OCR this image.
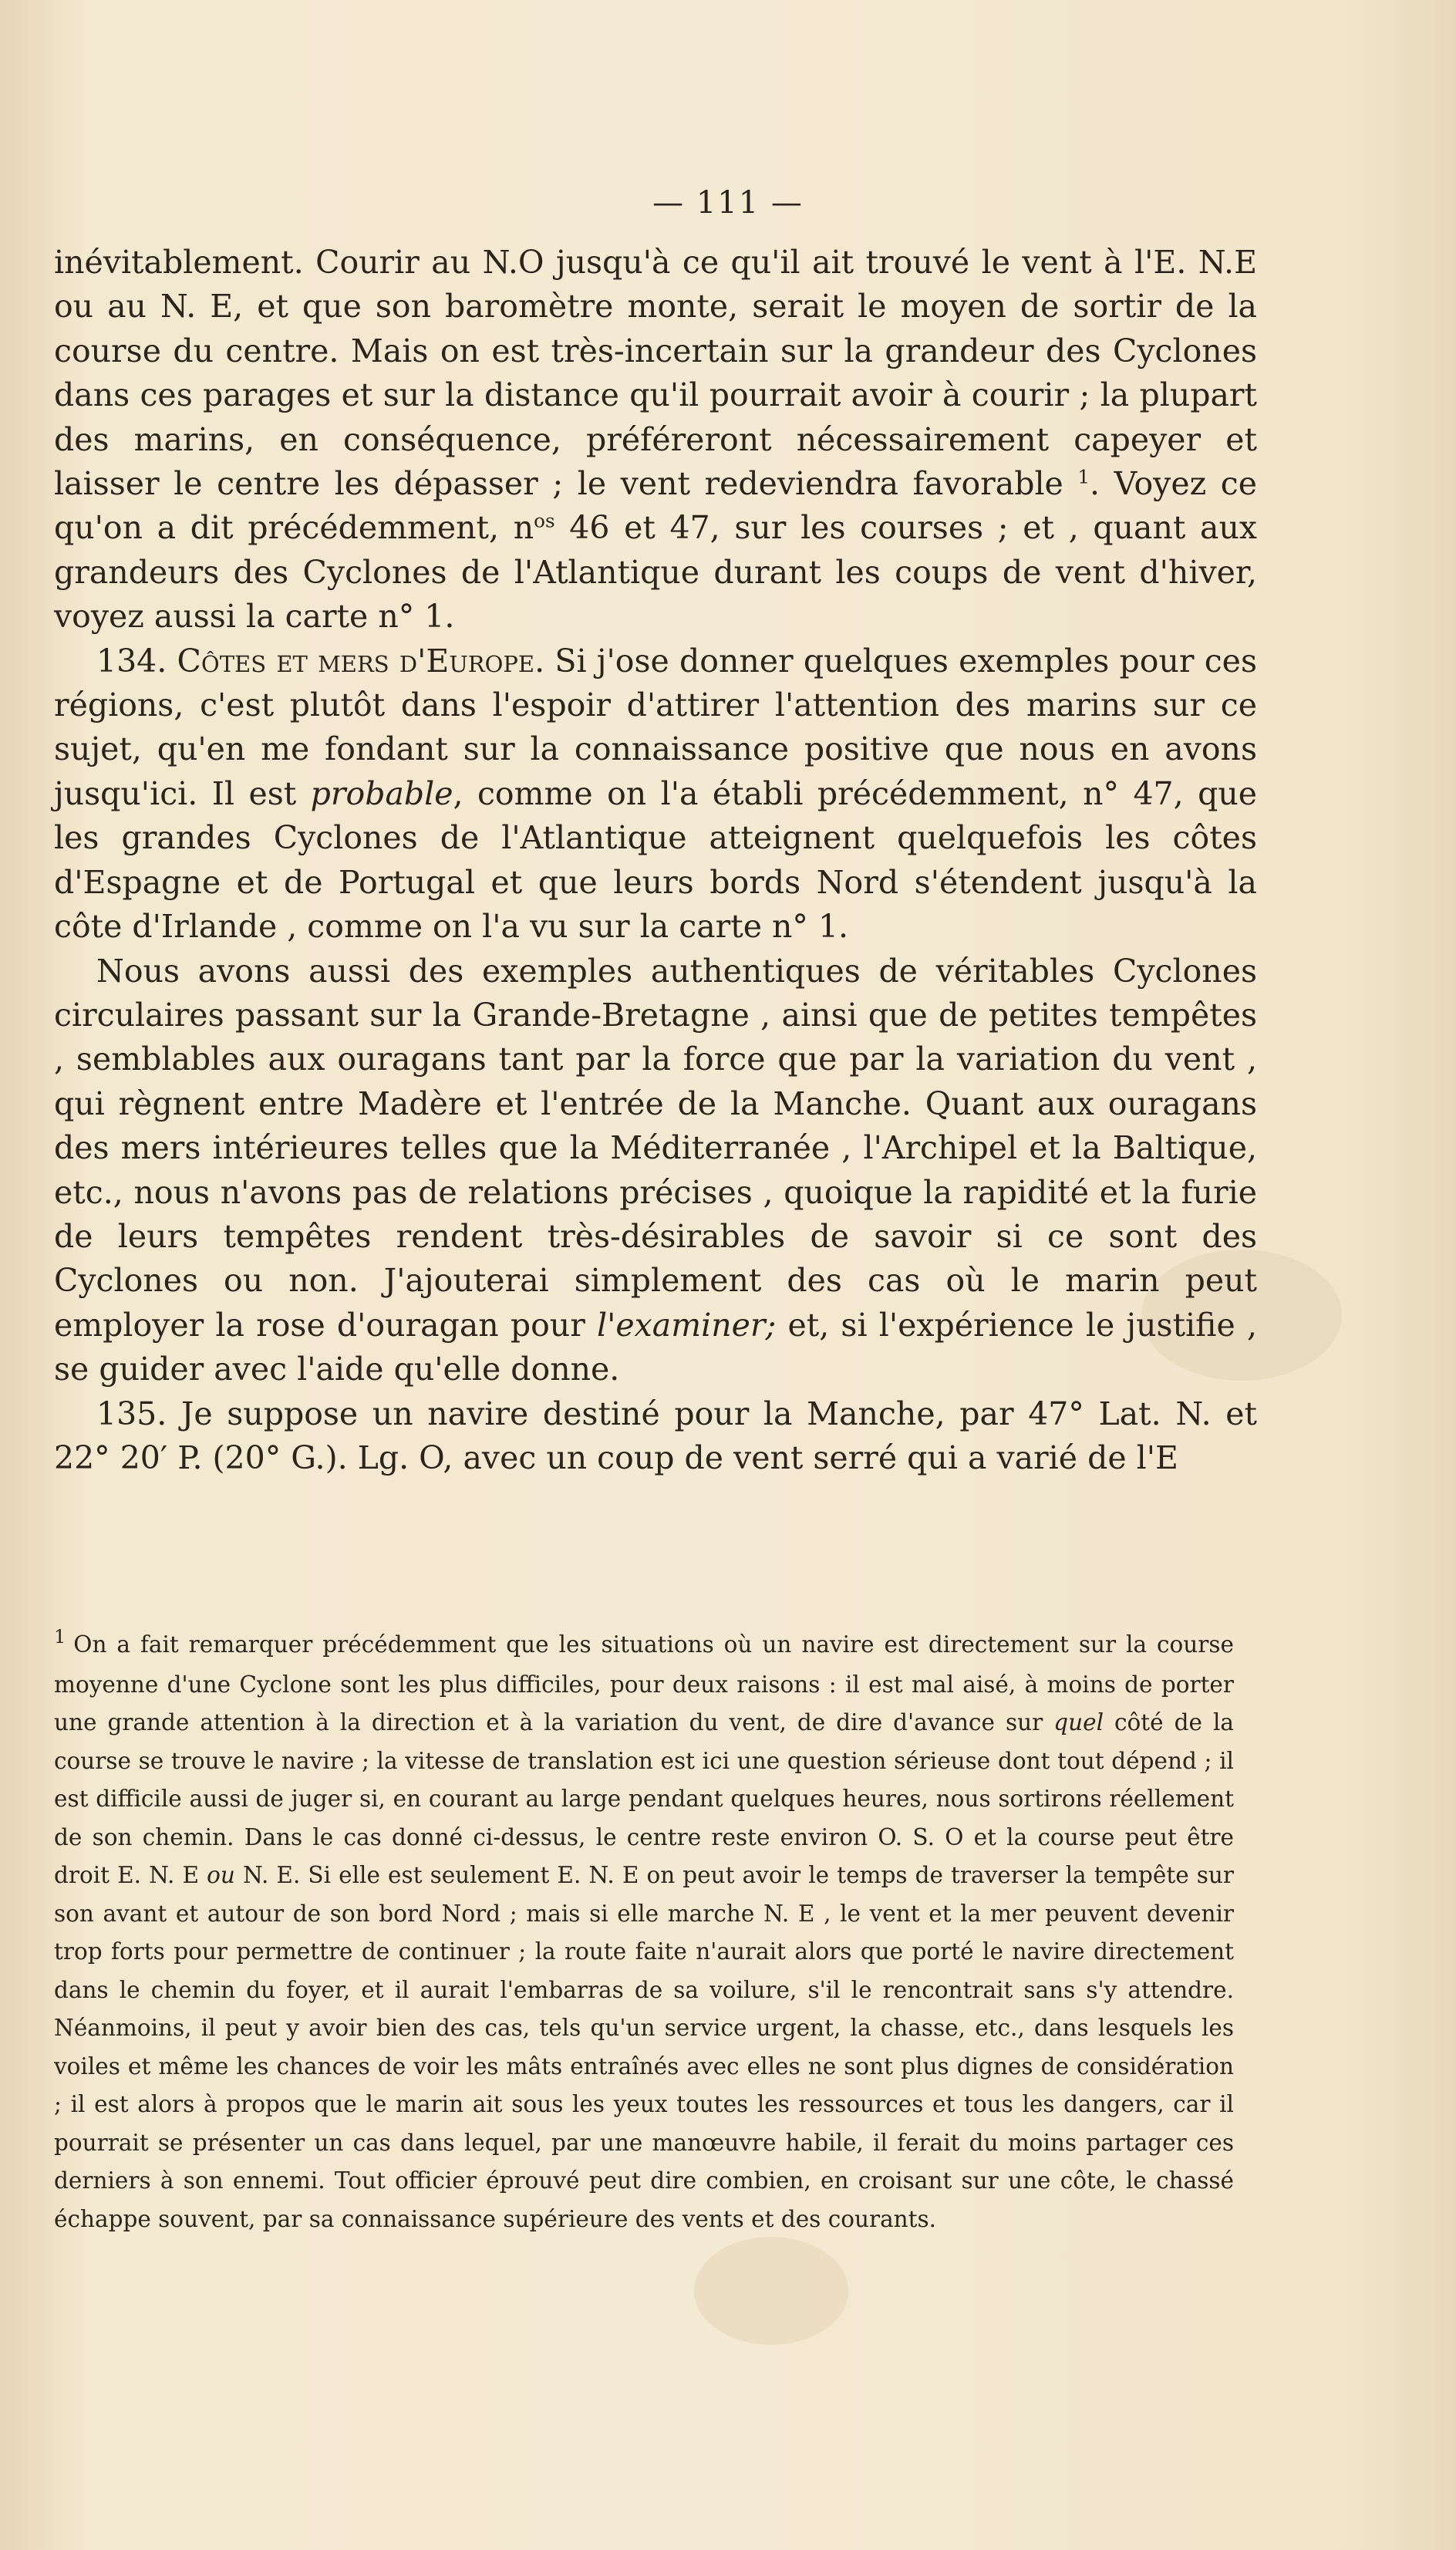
— 111 —

inévitablement. Courir au N.O jusqu'à ce qu'il ait trouvé le vent à l'E. N.E ou au N. E, et que son baromètre monte, serait le moyen de sortir de la course du centre. Mais on est très-incertain sur la grandeur des Cyclones dans ces parages et sur la distance qu'il pourrait avoir à courir ; la plupart des marins, en conséquence, préféreront nécessairement capeyer et laisser le centre les dépasser ; le vent redeviendra favorable $^1$. Voyez ce qu'on a dit précédemment, $n^{os}$ 46 et 47, sur les courses ; et , quant aux grandeurs des Cyclones de l'Atlantique durant les coups de vent d'hiver, voyez aussi la carte n° 1.

134. Côtes et mers d'Europe. Si j'ose donner quelques exemples pour ces régions, c'est plutôt dans l'espoir d'attirer l'attention des marins sur ce sujet, qu'en me fondant sur la connaissance positive que nous en avons jusqu'ici. Il est probable, comme on l'a établi précédemment, n° 47, que les grandes Cyclones de l'Atlantique atteignent quelquefois les côtes d'Espagne et de Portugal et que leurs bords Nord s'étendent jusqu'à la côte d'Irlande , comme on l'a vu sur la carte n° 1.

Nous avons aussi des exemples authentiques de véritables Cyclones circulaires passant sur la Grande-Bretagne , ainsi que de petites tempêtes , semblables aux ouragans tant par la force que par la variation du vent , qui règnent entre Madère et l'entrée de la Manche. Quant aux ouragans des mers intérieures telles que la Méditerranée , l'Archipel et la Baltique, etc., nous n'avons pas de relations précises , quoique la rapidité et la furie de leurs tempêtes rendent très-désirables de savoir si ce sont des Cyclones ou non. J'ajouterai simplement des cas où le marin peut employer la rose d'ouragan pour l'examiner; et, si l'expérience le justifie , se guider avec l'aide qu'elle donne.

135. Je suppose un navire destiné pour la Manche, par 47° Lat. N. et 22° 20′ P. (20° G.). Lg. O, avec un coup de vent serré qui a varié de l'E

$^1$ On a fait remarquer précédemment que les situations où un navire est directement sur la course moyenne d'une Cyclone sont les plus difficiles, pour deux raisons : il est mal aisé, à moins de porter une grande attention à la direction et à la variation du vent, de dire d'avance sur quel côté de la course se trouve le navire ; la vitesse de translation est ici une question sérieuse dont tout dépend ; il est difficile aussi de juger si, en courant au large pendant quelques heures, nous sortirons réellement de son chemin. Dans le cas donné ci-dessus, le centre reste environ O. S. O et la course peut être droit E. N. E ou N. E. Si elle est seulement E. N. E on peut avoir le temps de traverser la tempête sur son avant et autour de son bord Nord ; mais si elle marche N. E , le vent et la mer peuvent devenir trop forts pour permettre de continuer ; la route faite n'aurait alors que porté le navire directement dans le chemin du foyer, et il aurait l'embarras de sa voilure, s'il le rencontrait sans s'y attendre. Néanmoins, il peut y avoir bien des cas, tels qu'un service urgent, la chasse, etc., dans lesquels les voiles et même les chances de voir les mâts entraînés avec elles ne sont plus dignes de considération ; il est alors à propos que le marin ait sous les yeux toutes les ressources et tous les dangers, car il pourrait se présenter un cas dans lequel, par une manœuvre habile, il ferait du moins partager ces derniers à son ennemi. Tout officier éprouvé peut dire combien, en croisant sur une côte, le chassé échappe souvent, par sa connaissance supérieure des vents et des courants.
